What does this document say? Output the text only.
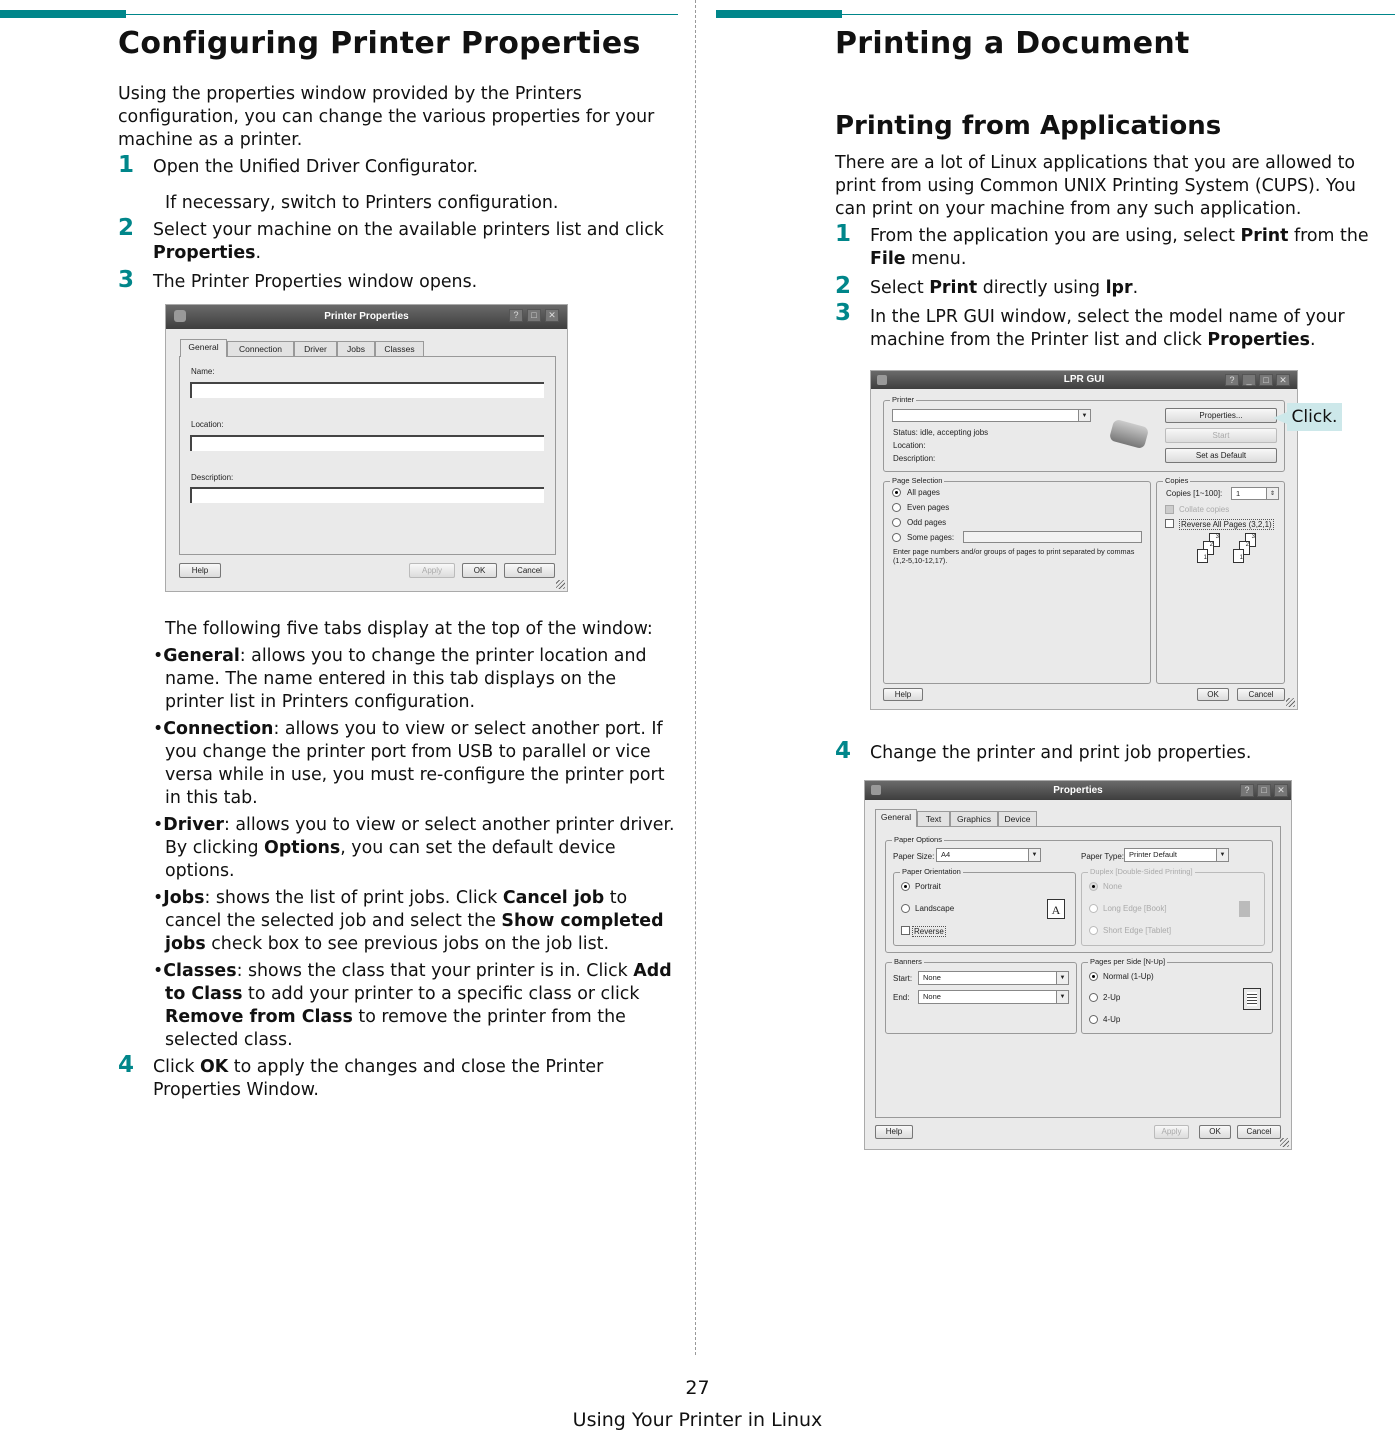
Configuring Printer Properties
Using the properties window provided by the Printers configuration, you can change the various properties for your machine as a printer.
1 Open the Unified Driver Configurator.
If necessary, switch to Printers configuration.
2 Select your machine on the available printers list and click Properties.
3 The Printer Properties window opens.
Printer Properties	?	□	✕
General	Connection	Driver	Jobs	Classes
Name:
Location:
Description:
Help	Apply	OK	Cancel
The following five tabs display at the top of the window:
•General: allows you to change the printer location and name. The name entered in this tab displays on the printer list in Printers configuration.
•Connection: allows you to view or select another port. If you change the printer port from USB to parallel or vice versa while in use, you must re-configure the printer port in this tab.
•Driver: allows you to view or select another printer driver. By clicking Options, you can set the default device options.
•Jobs: shows the list of print jobs. Click Cancel job to cancel the selected job and select the Show completed jobs check box to see previous jobs on the job list.
•Classes: shows the class that your printer is in. Click Add to Class to add your printer to a specific class or click Remove from Class to remove the printer from the selected class.
4 Click OK to apply the changes and close the Printer Properties Window.
Printing a Document
Printing from Applications
There are a lot of Linux applications that you are allowed to print from using Common UNIX Printing System (CUPS). You can print on your machine from any such application.
1 From the application you are using, select Print from the File menu.
2 Select Print directly using lpr.
3 In the LPR GUI window, select the model name of your machine from the Printer list and click Properties.
LPR GUI	?	_	□	✕
Printer
▼
Status: idle, accepting jobs
Location:
Description:
Properties...
Start
Set as Default
Page Selection
All pages
Even pages
Odd pages
Some pages:
Enter page numbers and/or groups of pages to print separated by commas (1,2-5,10-12,17).
Copies
Copies [1~100]: 1	⇕
Collate copies
Reverse All Pages (3,2,1)
3
2
1
3
2
1
Help	OK	Cancel
Click.
4 Change the printer and print job properties.
Properties	?	□	✕
General	Text	Graphics	Device
Paper Options
Paper Size: A4	▼	Paper Type: Printer Default	▼
Paper Orientation
Portrait
Landscape
Reverse
A
Duplex [Double-Sided Printing]
None
Long Edge [Book]
Short Edge [Tablet]
Banners
Start: None	▼
End: None	▼
Pages per Side [N-Up]
Normal (1-Up)
2-Up
4-Up
Help	Apply	OK	Cancel
27
Using Your Printer in Linux
